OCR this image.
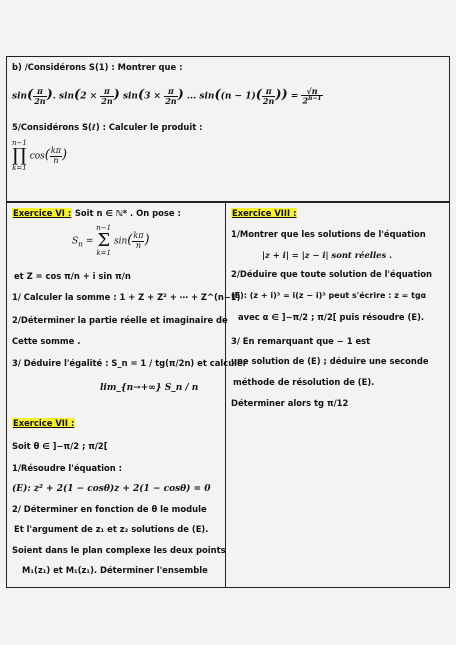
b) /Considérons S(1) : Montrer que :
$\sin( \frac{\pi}{2n}$ ). $\sin(2 \times \frac{\pi}{2n}$ ) $\sin(3 \times \frac{\pi}{2n}$ ) ... $\sin((n - 1)( \frac{\pi}{2n}$ )) = $\frac{√n}{2^{n-1}}$
5/Considérons S(ℓ) : Calculer le produit :
n−1
∏
k=1 $\cos( \frac{k\pi}{n}$ )
Exercice VI : Soit n ∈ ℕ* . On pose :
$S_n = n-1$
Σ
k=1 $\sin( \frac{k\pi}{n}$ )
et Z = cos π/n + i sin π/n
1/ Calculer la somme : 1 + Z + Z² + ⋯ + Z^(n−1)
2/Déterminer la partie réelle et imaginaire de
Cette somme .
3/ Déduire l'égalité : S_n = 1 / tg(π/2n) et calculer
lim_{n→+∞} S_n / n
Exercice VII :
Soit θ ∈ ]−π/2 ; π/2[
1/Résoudre l'équation :
(E): z² + 2(1 − cosθ)z + 2(1 − cosθ) = 0
2/ Déterminer en fonction de θ le module
Et l'argument de z₁ et z₂ solutions de (E).
Soient dans le plan complexe les deux points
M₁(z₁) et M₁(z₁). Déterminer l'ensemble
Exercice VIII :
1/Montrer que les solutions de l'équation
|z + i| = |z − i| sont réelles .
2/Déduire que toute solution de l'équation
(E): (z + i)³ = i(z − i)³ peut s'écrire : z = tgα
avec α ∈ ]−π/2 ; π/2[ puis résoudre (E).
3/ En remarquant que − 1 est
une solution de (E) ; déduire une seconde
méthode de résolution de (E).
Déterminer alors tg π/12
